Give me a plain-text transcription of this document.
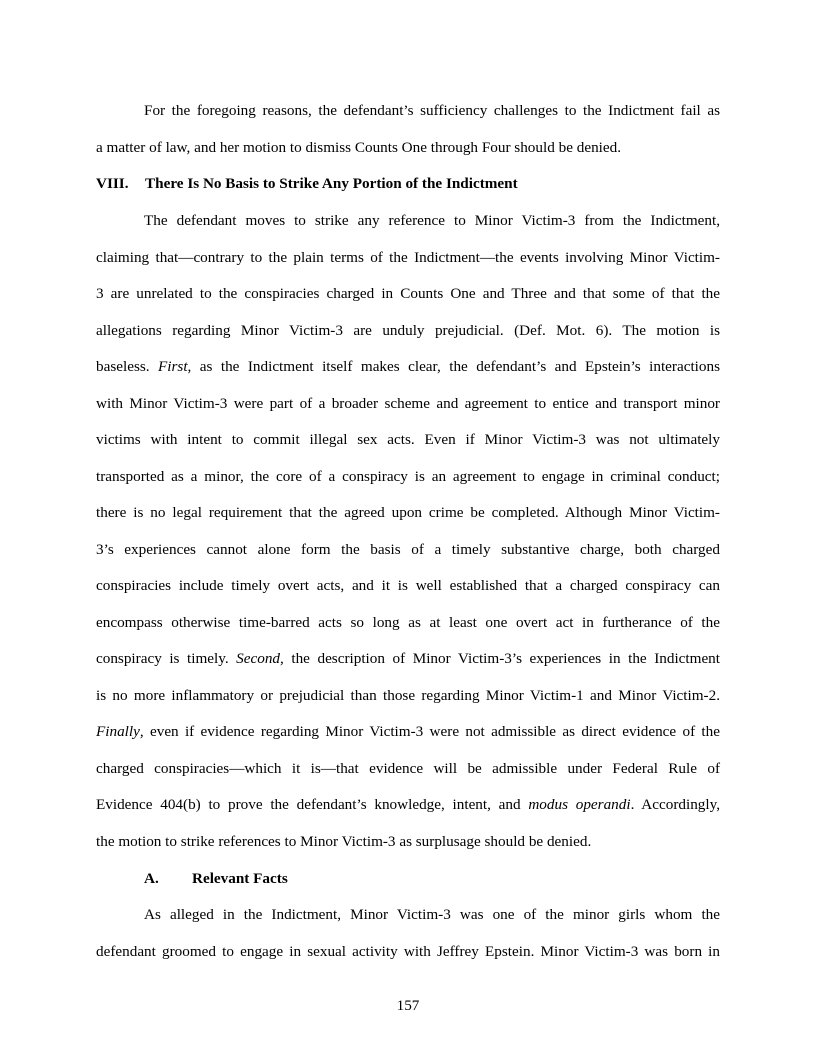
For the foregoing reasons, the defendant’s sufficiency challenges to the Indictment fail as
a matter of law, and her motion to dismiss Counts One through Four should be denied.
VIII. There Is No Basis to Strike Any Portion of the Indictment
The defendant moves to strike any reference to Minor Victim-3 from the Indictment,
claiming that—contrary to the plain terms of the Indictment—the events involving Minor Victim-
3 are unrelated to the conspiracies charged in Counts One and Three and that some of that the
allegations regarding Minor Victim-3 are unduly prejudicial. (Def. Mot. 6). The motion is
baseless. First, as the Indictment itself makes clear, the defendant’s and Epstein’s interactions
with Minor Victim-3 were part of a broader scheme and agreement to entice and transport minor
victims with intent to commit illegal sex acts. Even if Minor Victim-3 was not ultimately
transported as a minor, the core of a conspiracy is an agreement to engage in criminal conduct;
there is no legal requirement that the agreed upon crime be completed. Although Minor Victim-
3’s experiences cannot alone form the basis of a timely substantive charge, both charged
conspiracies include timely overt acts, and it is well established that a charged conspiracy can
encompass otherwise time-barred acts so long as at least one overt act in furtherance of the
conspiracy is timely. Second, the description of Minor Victim-3’s experiences in the Indictment
is no more inflammatory or prejudicial than those regarding Minor Victim-1 and Minor Victim-2.
Finally, even if evidence regarding Minor Victim-3 were not admissible as direct evidence of the
charged conspiracies—which it is—that evidence will be admissible under Federal Rule of
Evidence 404(b) to prove the defendant’s knowledge, intent, and modus operandi. Accordingly,
the motion to strike references to Minor Victim-3 as surplusage should be denied.
A. Relevant Facts
As alleged in the Indictment, Minor Victim-3 was one of the minor girls whom the
defendant groomed to engage in sexual activity with Jeffrey Epstein. Minor Victim-3 was born in
157
